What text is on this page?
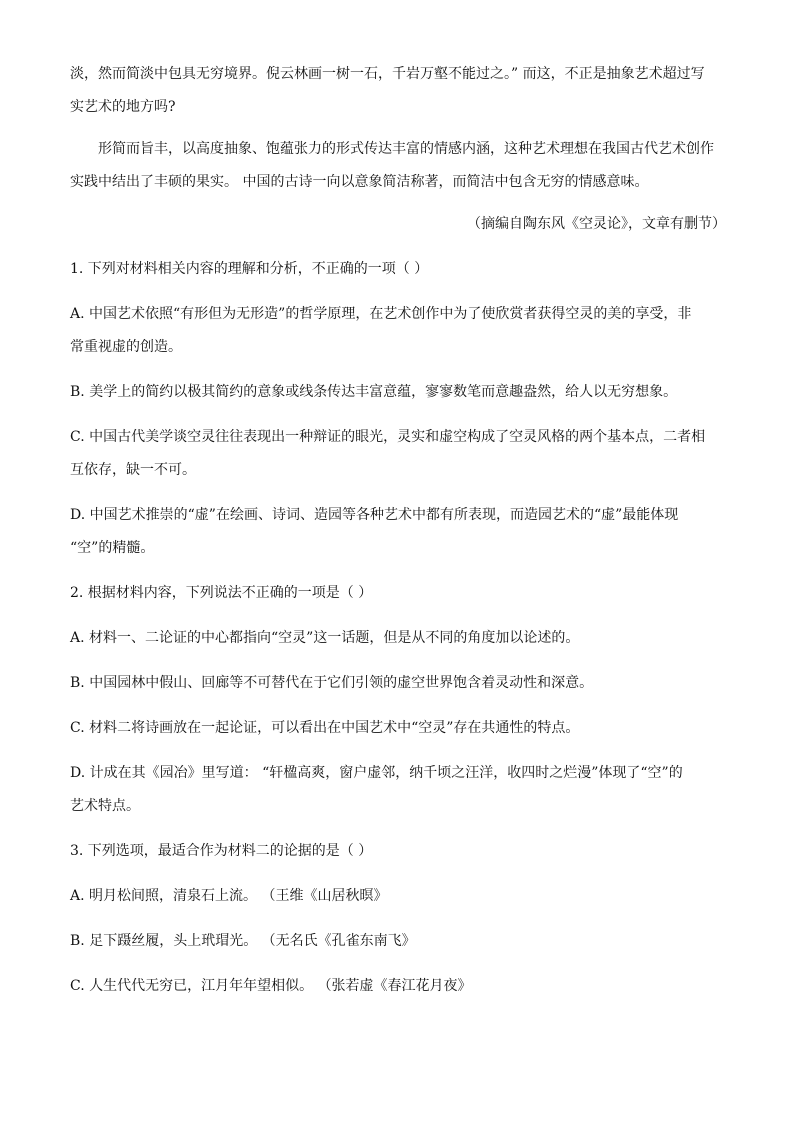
淡，然而简淡中包具无穷境界。倪云林画一树一石，千岩万壑不能过之。” 而这，不正是抽象艺术超过写
实艺术的地方吗?
形简而旨丰，以高度抽象、饱蕴张力的形式传达丰富的情感内涵，这种艺术理想在我国古代艺术创作
实践中结出了丰硕的果实。 中国的古诗一向以意象简洁称著，而简洁中包含无穷的情感意味。
（摘编自陶东风《空灵论》，文章有删节）
1. 下列对材料相关内容的理解和分析，不正确的一项（ ）
A. 中国艺术依照“有形但为无形造”的哲学原理，在艺术创作中为了使欣赏者获得空灵的美的享受，非
常重视虚的创造。
B. 美学上的简约以极其简约的意象或线条传达丰富意蕴，寥寥数笔而意趣盎然，给人以无穷想象。
C. 中国古代美学谈空灵往往表现出一种辩证的眼光，灵实和虚空构成了空灵风格的两个基本点，二者相
互依存，缺一不可。
D. 中国艺术推崇的“虚”在绘画、诗词、造园等各种艺术中都有所表现，而造园艺术的“虚”最能体现
“空”的精髓。
2. 根据材料内容，下列说法不正确的一项是（ ）
A. 材料一、二论证的中心都指向“空灵”这一话题，但是从不同的角度加以论述的。
B. 中国园林中假山、回廊等不可替代在于它们引领的虚空世界饱含着灵动性和深意。
C. 材料二将诗画放在一起论证，可以看出在中国艺术中“空灵”存在共通性的特点。
D. 计成在其《园冶》里写道： “轩楹高爽，窗户虚邻，纳千顷之汪洋，收四时之烂漫”体现了“空”的
艺术特点。
3. 下列选项，最适合作为材料二的论据的是（ ）
A. 明月松间照，清泉石上流。 （王维《山居秋暝》
B. 足下蹑丝履，头上玳瑁光。 （无名氏《孔雀东南飞》
C. 人生代代无穷已，江月年年望相似。 （张若虚《春江花月夜》
